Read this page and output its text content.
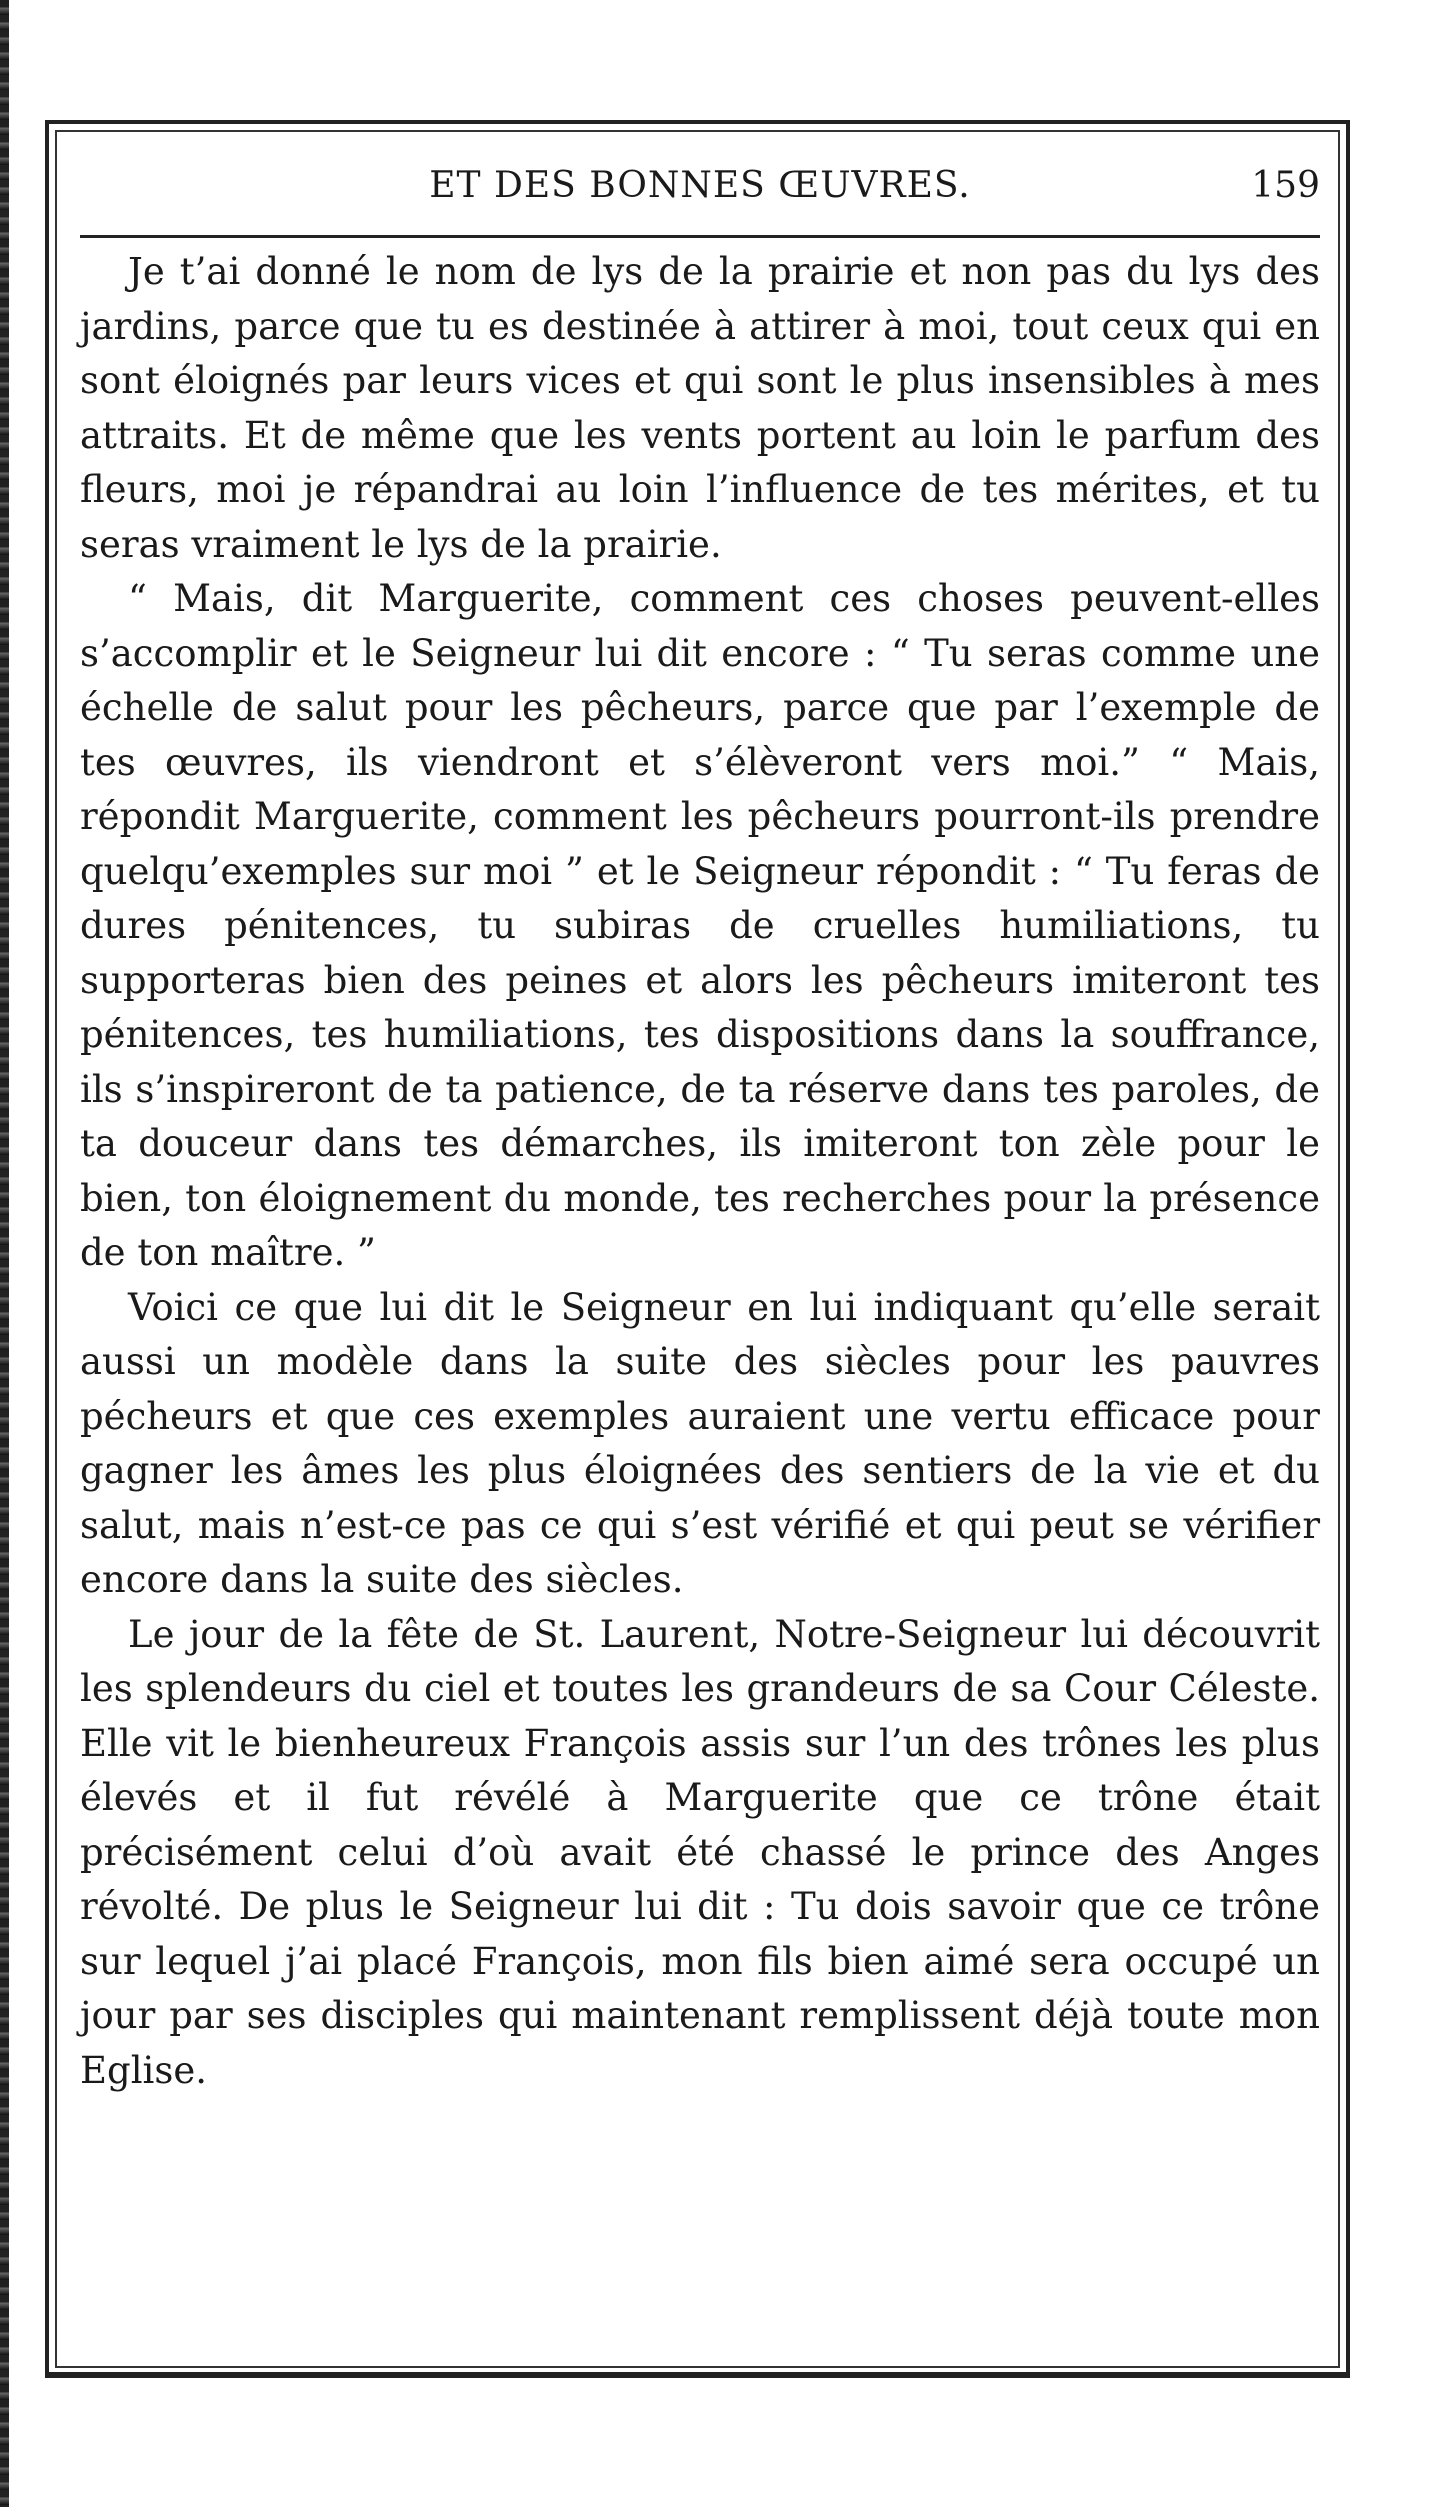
ET DES BONNES ŒUVRES.	159

Je t’ai donné le nom de lys de la prairie et non pas du lys des jardins, parce que tu es destinée à attirer à moi, tout ceux qui en sont éloignés par leurs vices et qui sont le plus insensibles à mes attraits. Et de même que les vents portent au loin le parfum des fleurs, moi je répandrai au loin l’influence de tes mérites, et tu seras vraiment le lys de la prairie.

“ Mais, dit Marguerite, comment ces choses peuvent-elles s’accomplir et le Seigneur lui dit encore : “ Tu seras comme une échelle de salut pour les pêcheurs, parce que par l’exemple de tes œuvres, ils viendront et s’élèveront vers moi.” “ Mais, répondit Marguerite, comment les pêcheurs pourront-ils prendre quelqu’exemples sur moi ” et le Seigneur répondit : “ Tu feras de dures pénitences, tu subiras de cruelles humiliations, tu supporteras bien des peines et alors les pêcheurs imiteront tes pénitences, tes humiliations, tes dispositions dans la souffrance, ils s’inspireront de ta patience, de ta réserve dans tes paroles, de ta douceur dans tes démarches, ils imiteront ton zèle pour le bien, ton éloignement du monde, tes recherches pour la présence de ton maître. ”

Voici ce que lui dit le Seigneur en lui indiquant qu’elle serait aussi un modèle dans la suite des siècles pour les pauvres pécheurs et que ces exemples auraient une vertu efficace pour gagner les âmes les plus éloignées des sentiers de la vie et du salut, mais n’est-ce pas ce qui s’est vérifié et qui peut se vérifier encore dans la suite des siècles.

Le jour de la fête de St. Laurent, Notre-Seigneur lui découvrit les splendeurs du ciel et toutes les grandeurs de sa Cour Céleste. Elle vit le bienheureux François assis sur l’un des trônes les plus élevés et il fut révélé à Marguerite que ce trône était précisément celui d’où avait été chassé le prince des Anges révolté. De plus le Seigneur lui dit : Tu dois savoir que ce trône sur lequel j’ai placé François, mon fils bien aimé sera occupé un jour par ses disciples qui maintenant remplissent déjà toute mon Eglise.
